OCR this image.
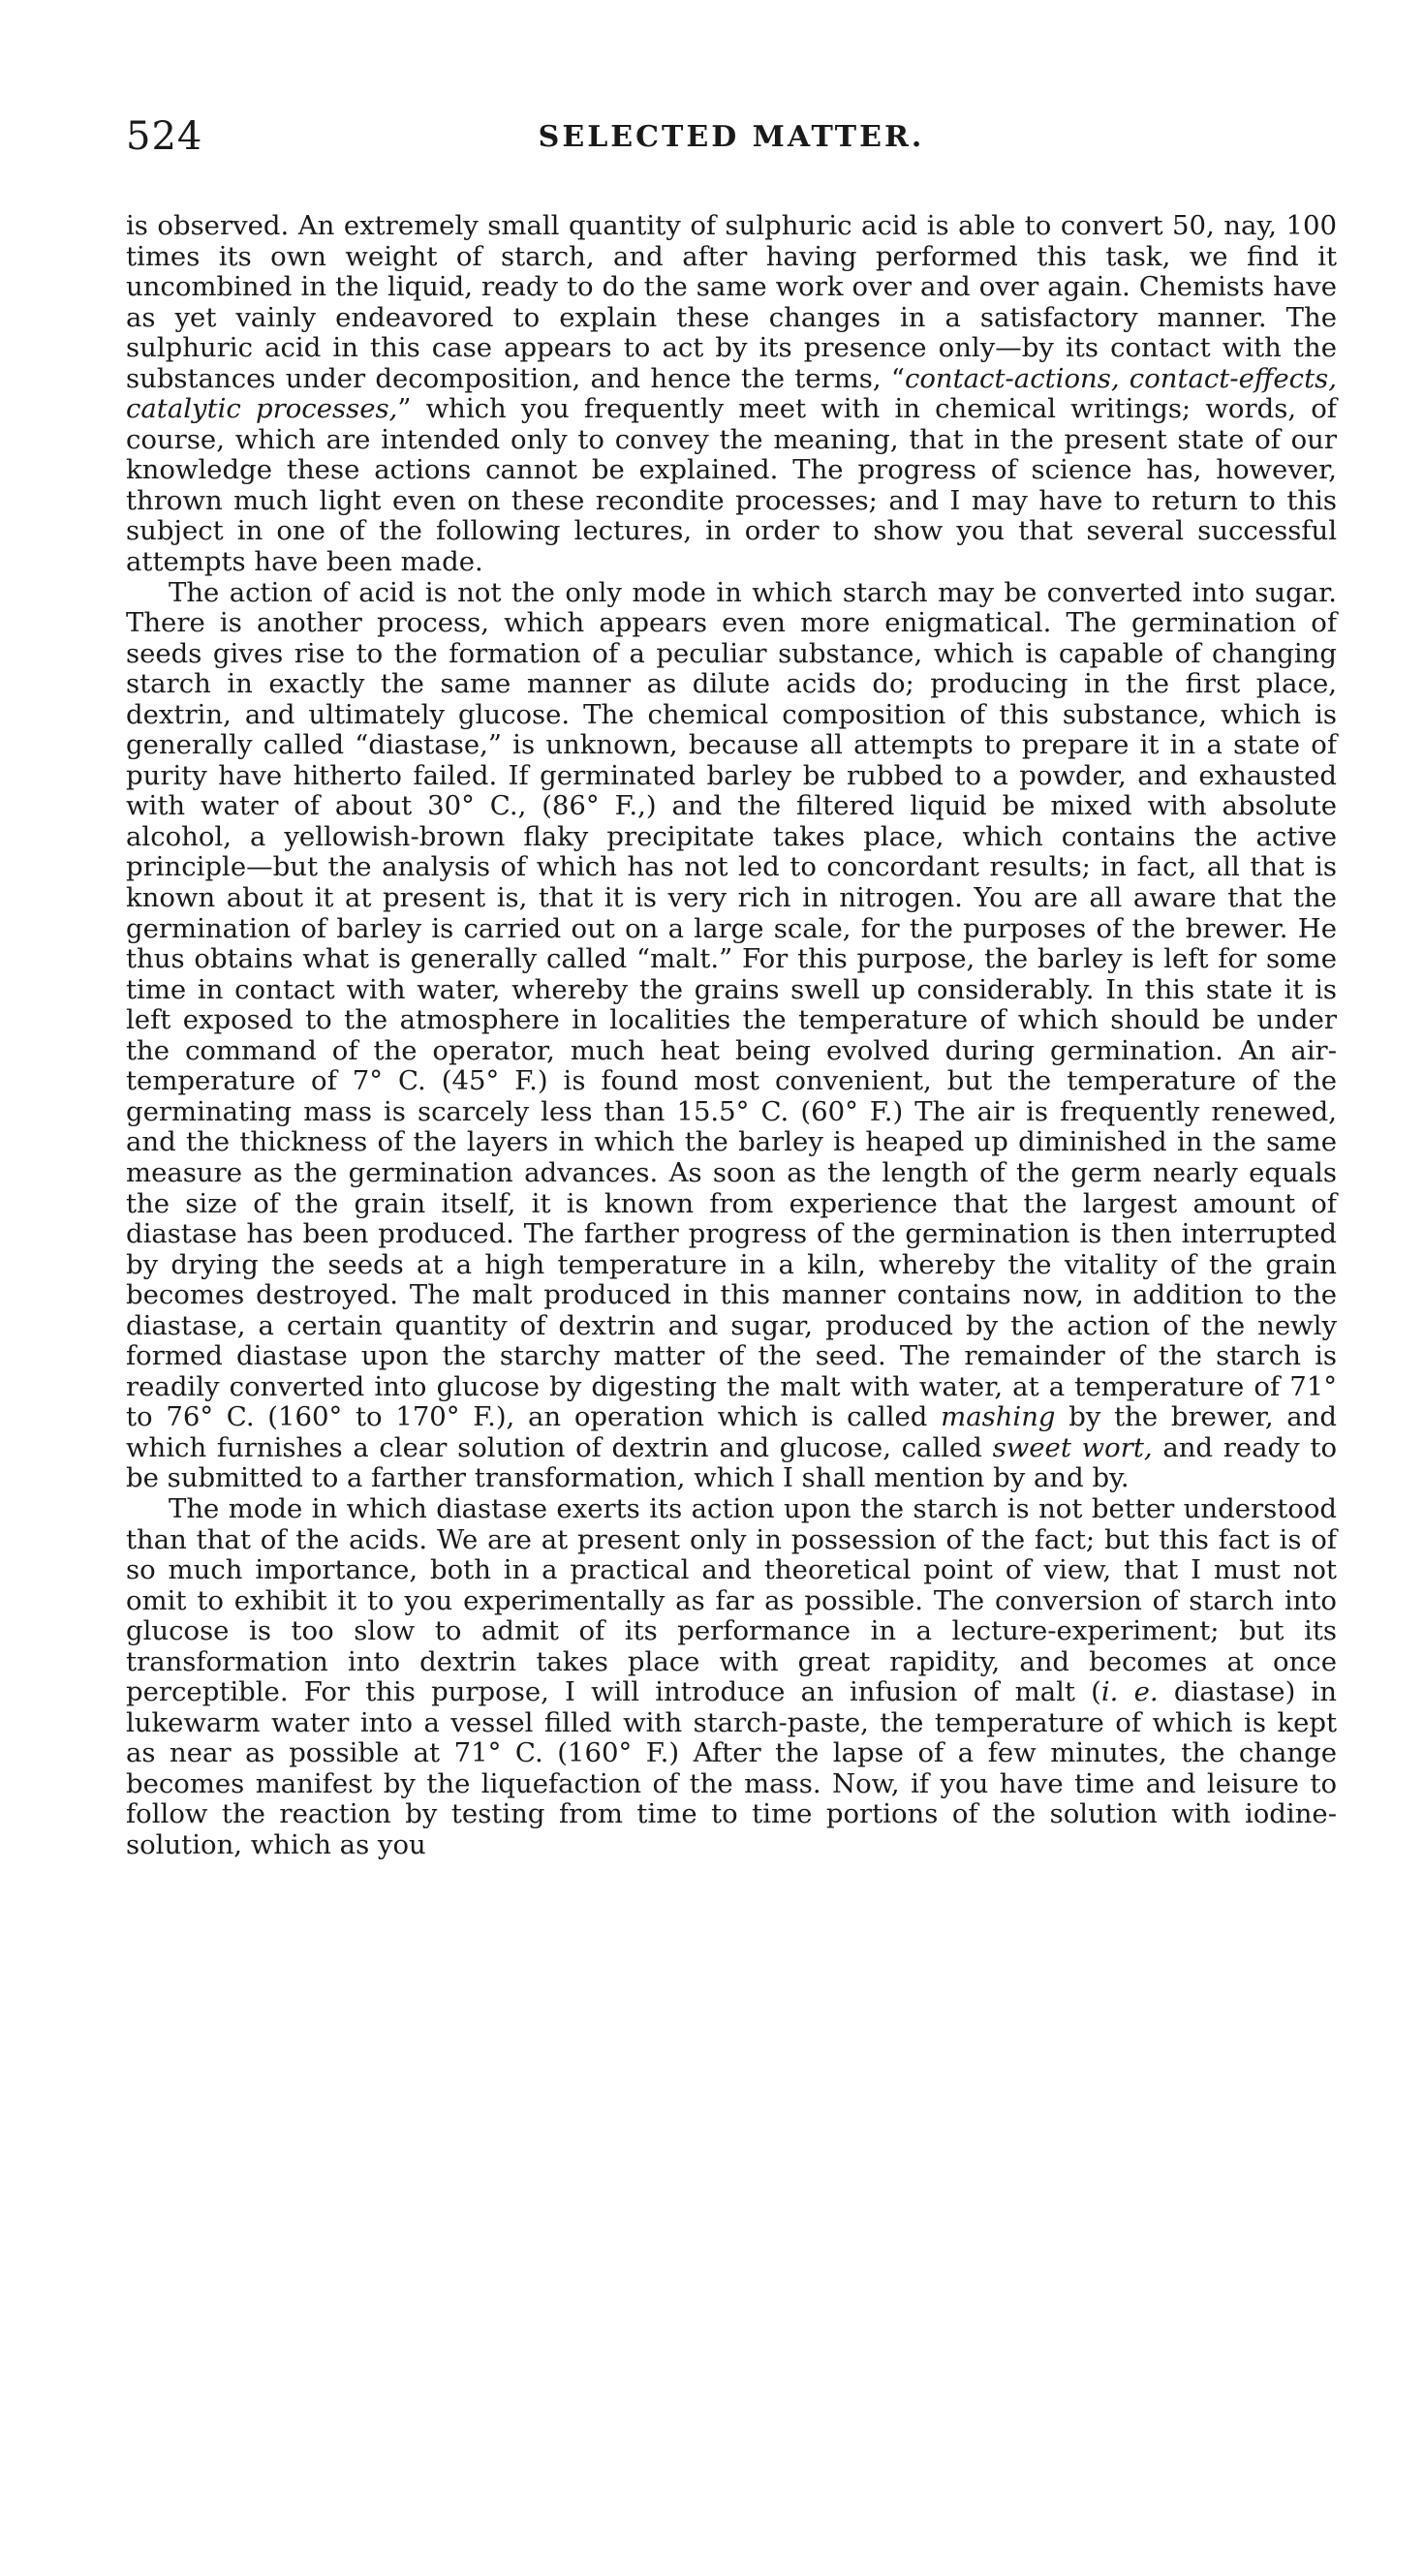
524	SELECTED MATTER.

is observed. An extremely small quantity of sulphuric acid is able to convert 50, nay, 100 times its own weight of starch, and after having performed this task, we find it uncombined in the liquid, ready to do the same work over and over again. Chemists have as yet vainly endeavored to explain these changes in a satisfactory manner. The sulphuric acid in this case appears to act by its presence only—by its contact with the substances under decomposition, and hence the terms, “contact-actions, contact-effects, catalytic processes,” which you frequently meet with in chemical writings; words, of course, which are intended only to convey the meaning, that in the present state of our knowledge these actions cannot be explained. The progress of science has, however, thrown much light even on these recondite processes; and I may have to return to this subject in one of the following lectures, in order to show you that several successful attempts have been made.

The action of acid is not the only mode in which starch may be converted into sugar. There is another process, which appears even more enigmatical. The germination of seeds gives rise to the formation of a peculiar substance, which is capable of changing starch in exactly the same manner as dilute acids do; producing in the first place, dextrin, and ultimately glucose. The chemical composition of this substance, which is generally called “diastase,” is unknown, because all attempts to prepare it in a state of purity have hitherto failed. If germinated barley be rubbed to a powder, and exhausted with water of about 30° C., (86° F.,) and the filtered liquid be mixed with absolute alcohol, a yellowish-brown flaky precipitate takes place, which contains the active principle—but the analysis of which has not led to concordant results; in fact, all that is known about it at present is, that it is very rich in nitrogen. You are all aware that the germination of barley is carried out on a large scale, for the purposes of the brewer. He thus obtains what is generally called “malt.” For this purpose, the barley is left for some time in contact with water, whereby the grains swell up considerably. In this state it is left exposed to the atmosphere in localities the temperature of which should be under the command of the operator, much heat being evolved during germination. An air-temperature of 7° C. (45° F.) is found most convenient, but the temperature of the germinating mass is scarcely less than 15.5° C. (60° F.) The air is frequently renewed, and the thickness of the layers in which the barley is heaped up diminished in the same measure as the germination advances. As soon as the length of the germ nearly equals the size of the grain itself, it is known from experience that the largest amount of diastase has been produced. The farther progress of the germination is then interrupted by drying the seeds at a high temperature in a kiln, whereby the vitality of the grain becomes destroyed. The malt produced in this manner contains now, in addition to the diastase, a certain quantity of dextrin and sugar, produced by the action of the newly formed diastase upon the starchy matter of the seed. The remainder of the starch is readily converted into glucose by digesting the malt with water, at a temperature of 71° to 76° C. (160° to 170° F.), an operation which is called mashing by the brewer, and which furnishes a clear solution of dextrin and glucose, called sweet wort, and ready to be submitted to a farther transformation, which I shall mention by and by.

The mode in which diastase exerts its action upon the starch is not better understood than that of the acids. We are at present only in possession of the fact; but this fact is of so much importance, both in a practical and theoretical point of view, that I must not omit to exhibit it to you experimentally as far as possible. The conversion of starch into glucose is too slow to admit of its performance in a lecture-experiment; but its transformation into dextrin takes place with great rapidity, and becomes at once perceptible. For this purpose, I will introduce an infusion of malt (i. e. diastase) in lukewarm water into a vessel filled with starch-paste, the temperature of which is kept as near as possible at 71° C. (160° F.) After the lapse of a few minutes, the change becomes manifest by the liquefaction of the mass. Now, if you have time and leisure to follow the reaction by testing from time to time portions of the solution with iodine-solution, which as you
